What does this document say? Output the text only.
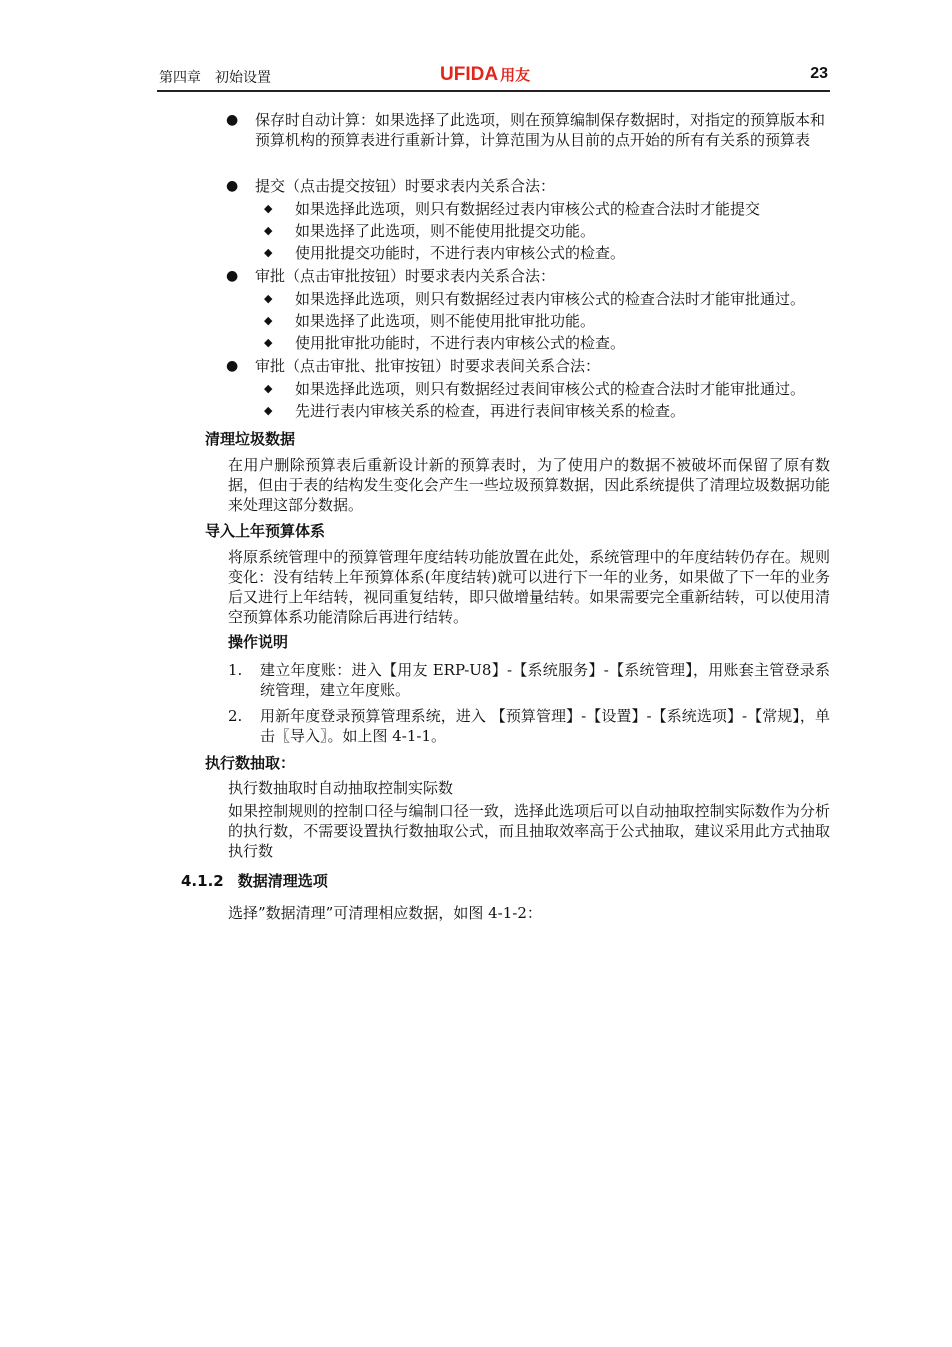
第四章　初始设置	UFIDA 用友	23
● 保存时自动计算：如果选择了此选项，则在预算编制保存数据时，对指定的预算版本和预算机构的预算表进行重新计算，计算范围为从目前的点开始的所有有关系的预算表
● 提交（点击提交按钮）时要求表内关系合法：
◆ 如果选择此选项，则只有数据经过表内审核公式的检查合法时才能提交
◆ 如果选择了此选项，则不能使用批提交功能。
◆ 使用批提交功能时，不进行表内审核公式的检查。
● 审批（点击审批按钮）时要求表内关系合法：
◆ 如果选择此选项，则只有数据经过表内审核公式的检查合法时才能审批通过。
◆ 如果选择了此选项，则不能使用批审批功能。
◆ 使用批审批功能时，不进行表内审核公式的检查。
● 审批（点击审批、批审按钮）时要求表间关系合法：
◆ 如果选择此选项，则只有数据经过表间审核公式的检查合法时才能审批通过。
◆ 先进行表内审核关系的检查，再进行表间审核关系的检查。
清理垃圾数据
在用户删除预算表后重新设计新的预算表时，为了使用户的数据不被破坏而保留了原有数据，但由于表的结构发生变化会产生一些垃圾预算数据，因此系统提供了清理垃圾数据功能来处理这部分数据。
导入上年预算体系
将原系统管理中的预算管理年度结转功能放置在此处，系统管理中的年度结转仍存在。规则变化：没有结转上年预算体系(年度结转)就可以进行下一年的业务，如果做了下一年的业务后又进行上年结转，视同重复结转，即只做增量结转。如果需要完全重新结转，可以使用清空预算体系功能清除后再进行结转。
操作说明
1. 建立年度账：进入【用友 ERP-U8】-【系统服务】-【系统管理】，用账套主管登录系统管理，建立年度账。
2. 用新年度登录预算管理系统，进入 【预算管理】-【设置】-【系统选项】-【常规】，单击〖导入〗。如上图 4-1-1。
执行数抽取：
执行数抽取时自动抽取控制实际数
如果控制规则的控制口径与编制口径一致，选择此选项后可以自动抽取控制实际数作为分析的执行数，不需要设置执行数抽取公式，而且抽取效率高于公式抽取，建议采用此方式抽取执行数
4.1.2 数据清理选项
选择”数据清理”可清理相应数据，如图 4-1-2：
